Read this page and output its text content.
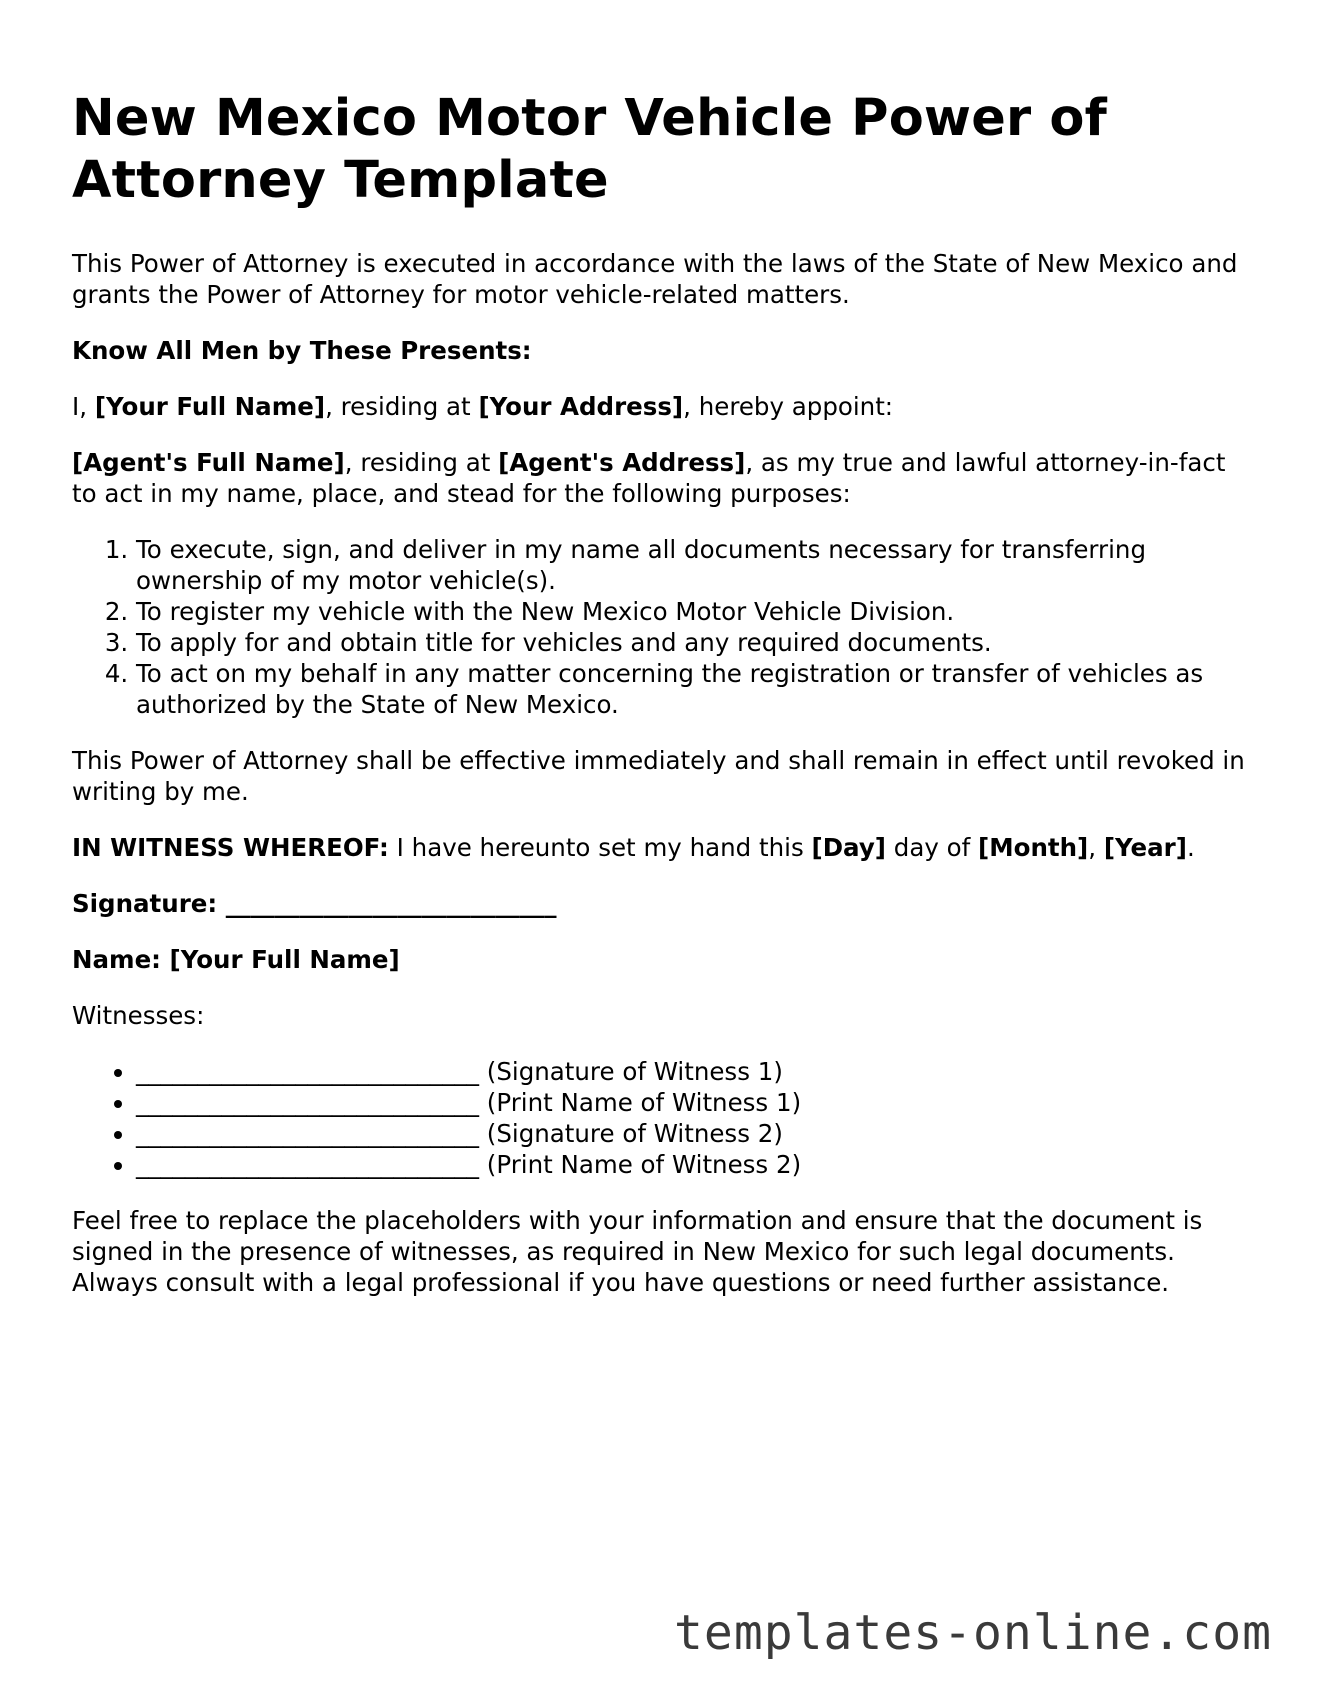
New Mexico Motor Vehicle Power of Attorney Template

This Power of Attorney is executed in accordance with the laws of the State of New Mexico and grants the Power of Attorney for motor vehicle-related matters.

Know All Men by These Presents:

I, [Your Full Name], residing at [Your Address], hereby appoint:

[Agent's Full Name], residing at [Agent's Address], as my true and lawful attorney-in-fact to act in my name, place, and stead for the following purposes:

1. To execute, sign, and deliver in my name all documents necessary for transferring ownership of my motor vehicle(s).
2. To register my vehicle with the New Mexico Motor Vehicle Division.
3. To apply for and obtain title for vehicles and any required documents.
4. To act on my behalf in any matter concerning the registration or transfer of vehicles as authorized by the State of New Mexico.

This Power of Attorney shall be effective immediately and shall remain in effect until revoked in writing by me.

IN WITNESS WHEREOF: I have hereunto set my hand this [Day] day of [Month], [Year].

Signature: ___________________________

Name: [Your Full Name]

Witnesses:

• ____________________________ (Signature of Witness 1)
• ____________________________ (Print Name of Witness 1)
• ____________________________ (Signature of Witness 2)
• ____________________________ (Print Name of Witness 2)

Feel free to replace the placeholders with your information and ensure that the document is signed in the presence of witnesses, as required in New Mexico for such legal documents. Always consult with a legal professional if you have questions or need further assistance.

templates-online.com
